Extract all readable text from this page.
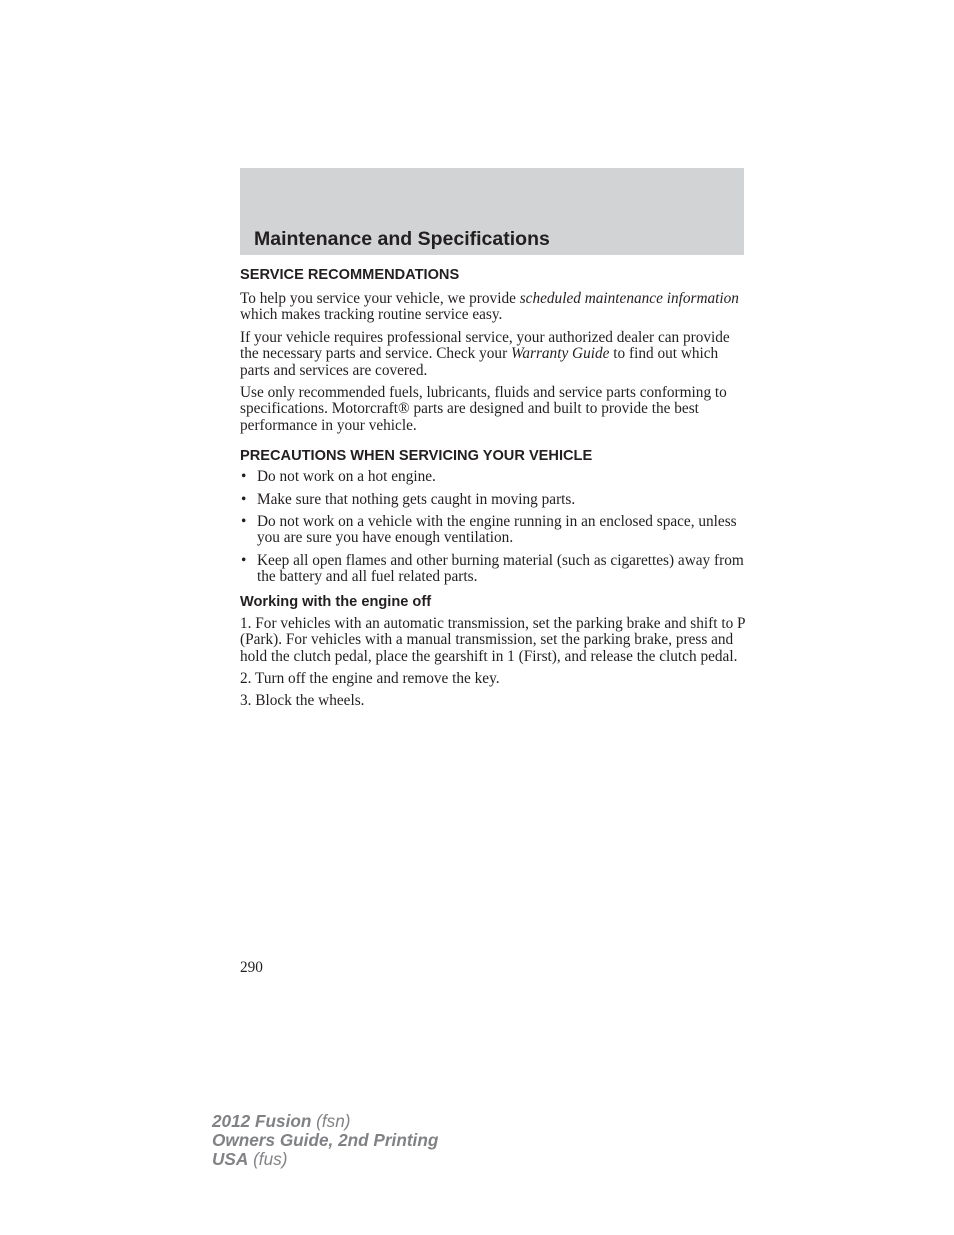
Maintenance and Specifications
SERVICE RECOMMENDATIONS

To help you service your vehicle, we provide scheduled maintenance information which makes tracking routine service easy.

If your vehicle requires professional service, your authorized dealer can provide the necessary parts and service. Check your Warranty Guide to find out which parts and services are covered.

Use only recommended fuels, lubricants, fluids and service parts conforming to specifications. Motorcraft® parts are designed and built to provide the best performance in your vehicle.

PRECAUTIONS WHEN SERVICING YOUR VEHICLE
• Do not work on a hot engine.
• Make sure that nothing gets caught in moving parts.
• Do not work on a vehicle with the engine running in an enclosed space, unless you are sure you have enough ventilation.
• Keep all open flames and other burning material (such as cigarettes) away from the battery and all fuel related parts.
Working with the engine off

1. For vehicles with an automatic transmission, set the parking brake and shift to P (Park). For vehicles with a manual transmission, set the parking brake, press and hold the clutch pedal, place the gearshift in 1 (First), and release the clutch pedal.

2. Turn off the engine and remove the key.

3. Block the wheels.

290
2012 Fusion (fsn)
Owners Guide, 2nd Printing
USA (fus)
